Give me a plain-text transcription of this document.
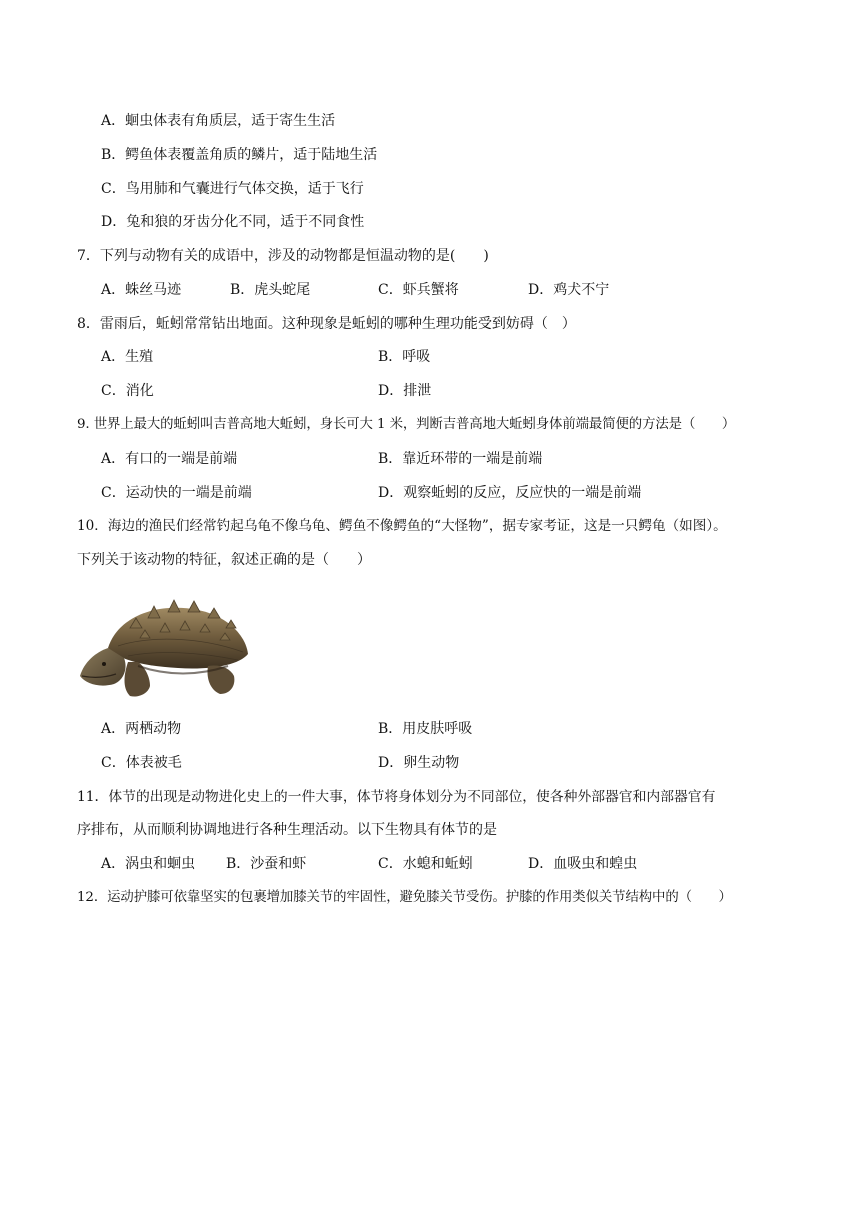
A．蛔虫体表有角质层，适于寄生生活
B．鳄鱼体表覆盖角质的鳞片，适于陆地生活
C．鸟用肺和气囊进行气体交换，适于飞行
D．兔和狼的牙齿分化不同，适于不同食性
7．下列与动物有关的成语中，涉及的动物都是恒温动物的是(　　)
A．蛛丝马迹	B．虎头蛇尾	C．虾兵蟹将	D．鸡犬不宁
8．雷雨后，蚯蚓常常钻出地面。这种现象是蚯蚓的哪种生理功能受到妨碍（　）
A．生殖	B．呼吸
C．消化	D．排泄
9. 世界上最大的蚯蚓叫吉普高地大蚯蚓，身长可大 1 米，判断吉普高地大蚯蚓身体前端最简便的方法是（　　）
A．有口的一端是前端	B．靠近环带的一端是前端
C．运动快的一端是前端	D．观察蚯蚓的反应，反应快的一端是前端
10．海边的渔民们经常钓起乌龟不像乌龟、鳄鱼不像鳄鱼的“大怪物”，据专家考证，这是一只鳄龟（如图）。
下列关于该动物的特征，叙述正确的是（　　）
A．两栖动物	B．用皮肤呼吸
C．体表被毛	D．卵生动物
11．体节的出现是动物进化史上的一件大事，体节将身体划分为不同部位，使各种外部器官和内部器官有
序排布，从而顺利协调地进行各种生理活动。以下生物具有体节的是
A．涡虫和蛔虫 B．沙蚕和虾	C．水螅和蚯蚓	D．血吸虫和蝗虫
12．运动护膝可依靠坚实的包裹增加膝关节的牢固性，避免膝关节受伤。护膝的作用类似关节结构中的（　　）
